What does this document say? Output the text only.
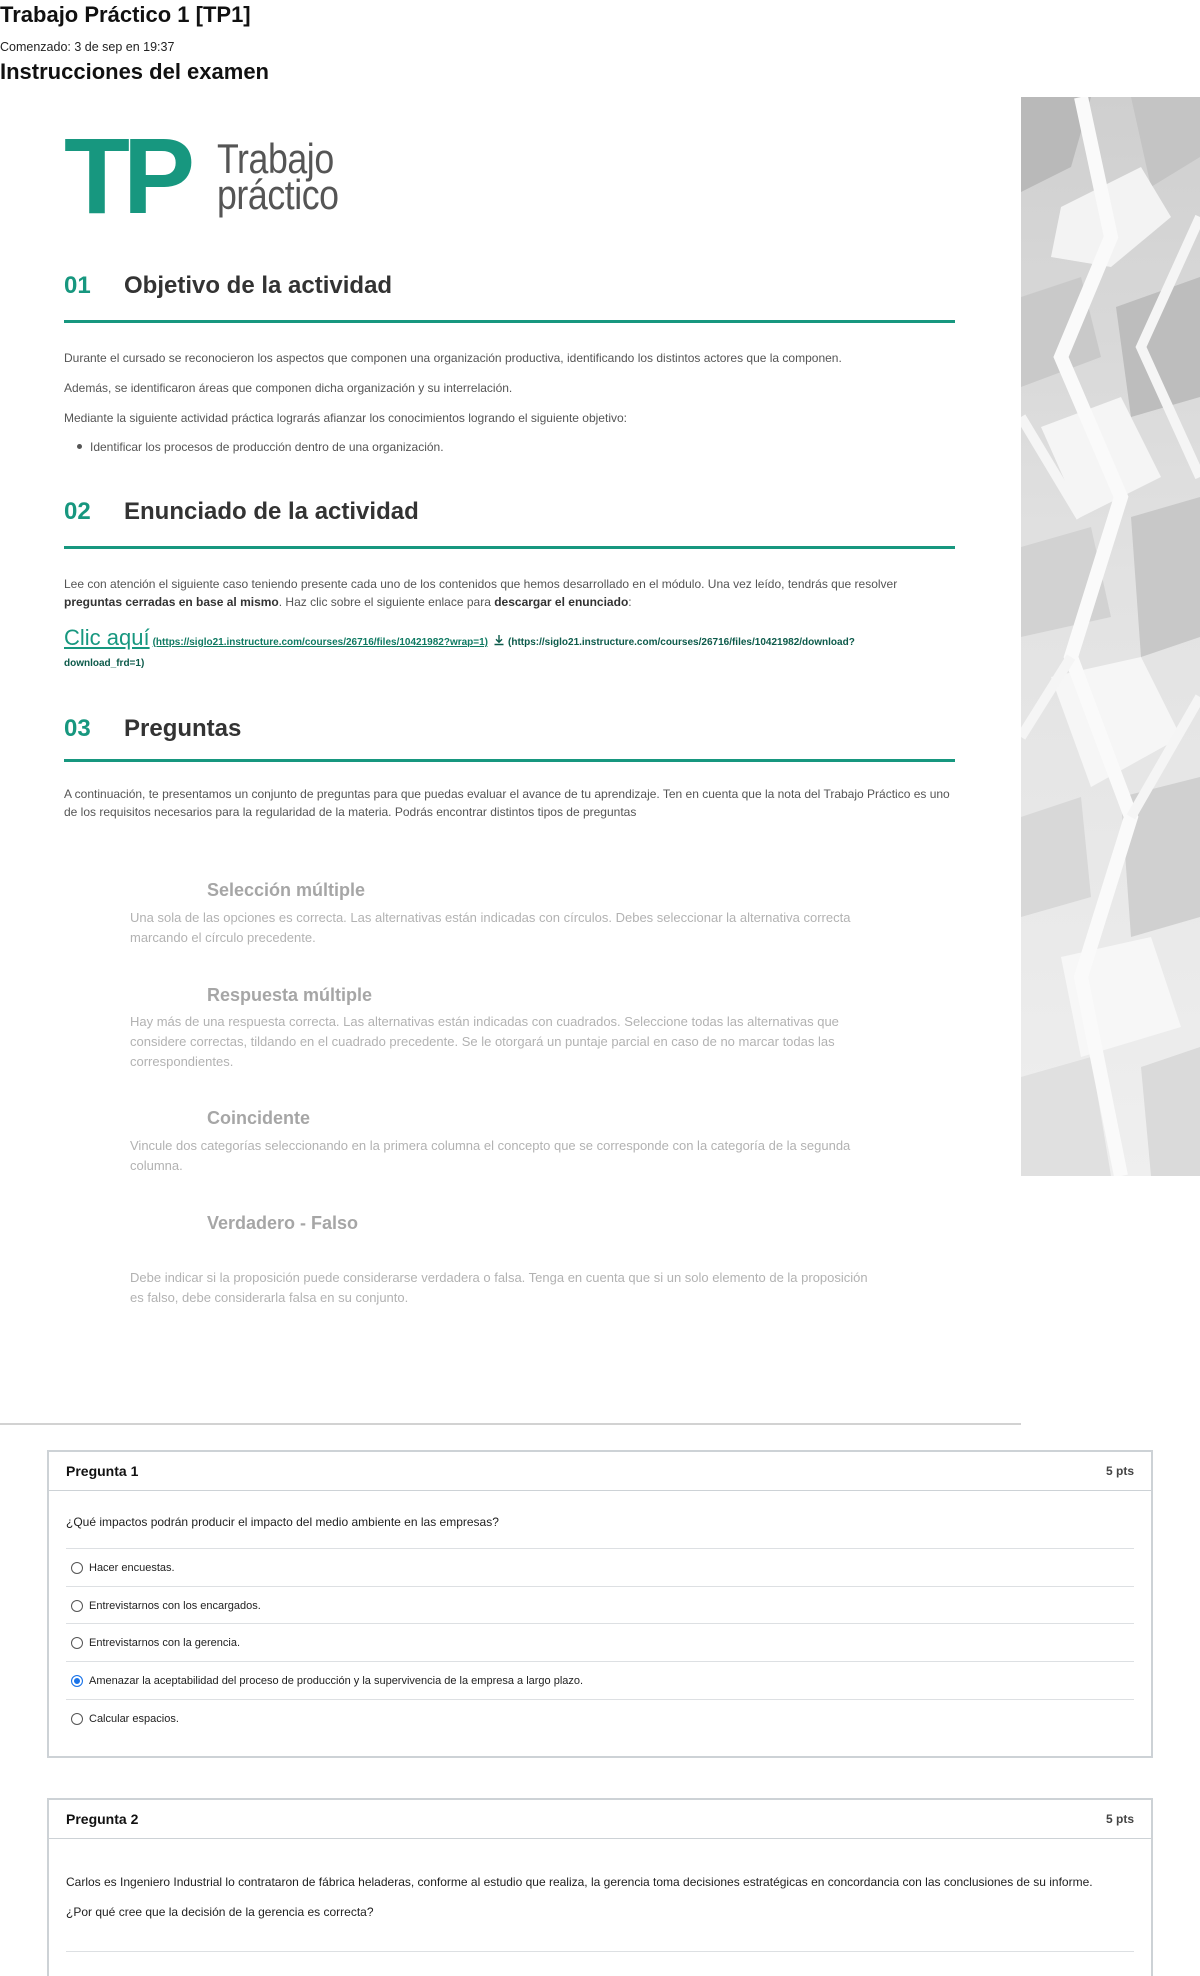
Trabajo Práctico 1 [TP1]
Comenzado: 3 de sep en 19:37
Instrucciones del examen
TP Trabajo
práctico
01 Objetivo de la actividad
Durante el cursado se reconocieron los aspectos que componen una organización productiva, identificando los distintos actores que la componen.
Además, se identificaron áreas que componen dicha organización y su interrelación.
Mediante la siguiente actividad práctica lograrás afianzar los conocimientos logrando el siguiente objetivo:
Identificar los procesos de producción dentro de una organización.
02 Enunciado de la actividad
Lee con atención el siguiente caso teniendo presente cada uno de los contenidos que hemos desarrollado en el módulo. Una vez leído, tendrás que resolver
preguntas cerradas en base al mismo. Haz clic sobre el siguiente enlace para descargar el enunciado:
Clic aquí (https://siglo21.instructure.com/courses/26716/files/10421982?wrap=1) (https://siglo21.instructure.com/courses/26716/files/10421982/download?
download_frd=1)
03 Preguntas
A continuación, te presentamos un conjunto de preguntas para que puedas evaluar el avance de tu aprendizaje. Ten en cuenta que la nota del Trabajo Práctico es uno
de los requisitos necesarios para la regularidad de la materia. Podrás encontrar distintos tipos de preguntas
Selección múltiple
Una sola de las opciones es correcta. Las alternativas están indicadas con círculos. Debes seleccionar la alternativa correcta
marcando el círculo precedente.
Respuesta múltiple
Hay más de una respuesta correcta. Las alternativas están indicadas con cuadrados. Seleccione todas las alternativas que
considere correctas, tildando en el cuadrado precedente. Se le otorgará un puntaje parcial en caso de no marcar todas las
correspondientes.
Coincidente
Vincule dos categorías seleccionando en la primera columna el concepto que se corresponde con la categoría de la segunda
columna.
Verdadero - Falso
Debe indicar si la proposición puede considerarse verdadera o falsa. Tenga en cuenta que si un solo elemento de la proposición
es falso, debe considerarla falsa en su conjunto.
Pregunta 1	5 pts
¿Qué impactos podrán producir el impacto del medio ambiente en las empresas?
Hacer encuestas.
Entrevistarnos con los encargados.
Entrevistarnos con la gerencia.
Amenazar la aceptabilidad del proceso de producción y la supervivencia de la empresa a largo plazo.
Calcular espacios.
Pregunta 2	5 pts
Carlos es Ingeniero Industrial lo contrataron de fábrica heladeras, conforme al estudio que realiza, la gerencia toma decisiones estratégicas en concordancia con las conclusiones de su informe.
¿Por qué cree que la decisión de la gerencia es correcta?
